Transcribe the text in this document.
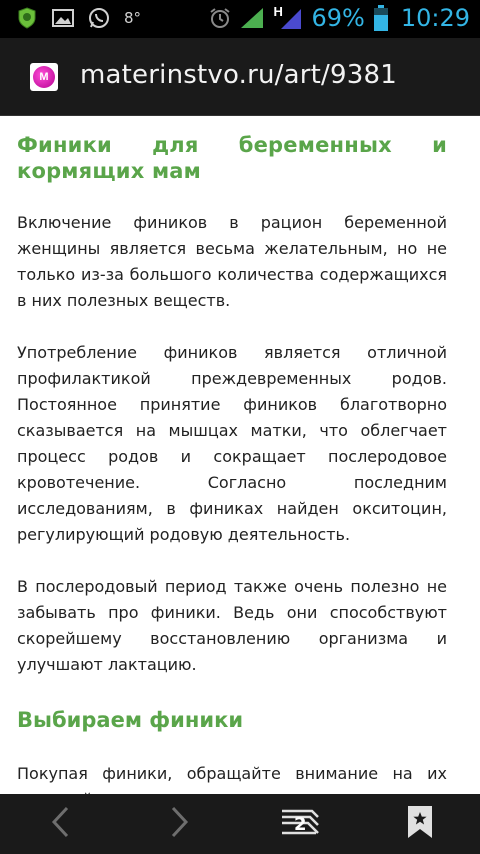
8°	H 69% 10:29
M materinstvo.ru/art/9381
Финики для беременных и кормящих мам
Включение фиников в рацион беременной женщины является весьма желательным, но не только из-за большого количества содержащихся в них полезных веществ.
Употребление фиников является отличной профилактикой преждевременных родов. Постоянное принятие фиников благотворно сказывается на мышцах матки, что облегчает процесс родов и сокращает послеродовое кровотечение. Согласно последним исследованиям, в финиках найден окситоцин, регулирующий родовую деятельность.
В послеродовый период также очень полезно не забывать про финики. Ведь они способствуют скорейшему восстановлению организма и улучшают лактацию.
Выбираем финики
Покупая финики, обращайте внимание на их
2
